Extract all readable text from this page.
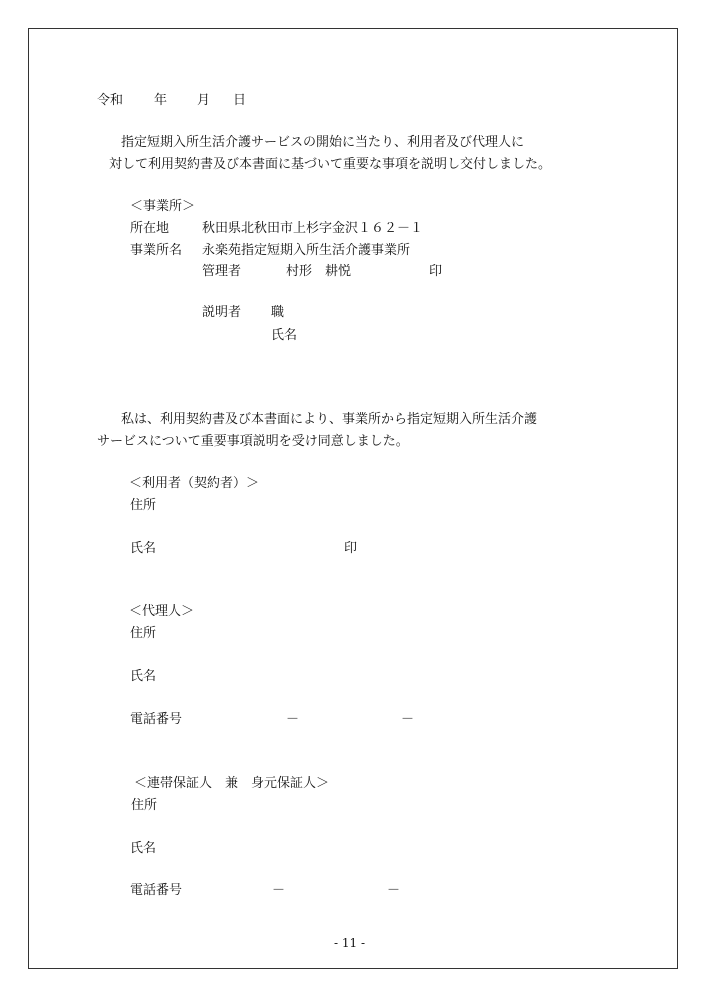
令和 年 月 日
指定短期入所生活介護サービスの開始に当たり、利用者及び代理人に
対して利用契約書及び本書面に基づいて重要な事項を説明し交付しました。
＜事業所＞
所在地	秋田県北秋田市上杉字金沢１６２－１
事業所名 永楽苑指定短期入所生活介護事業所
管理者	村形　耕悦	印
説明者 職
氏名
私は、利用契約書及び本書面により、事業所から指定短期入所生活介護
サービスについて重要事項説明を受け同意しました。
＜利用者（契約者）＞
住所
氏名	印
＜代理人＞
住所
氏名
電話番号	－	－
＜連帯保証人　兼　身元保証人＞
住所
氏名
電話番号	－	－
- 11 -
